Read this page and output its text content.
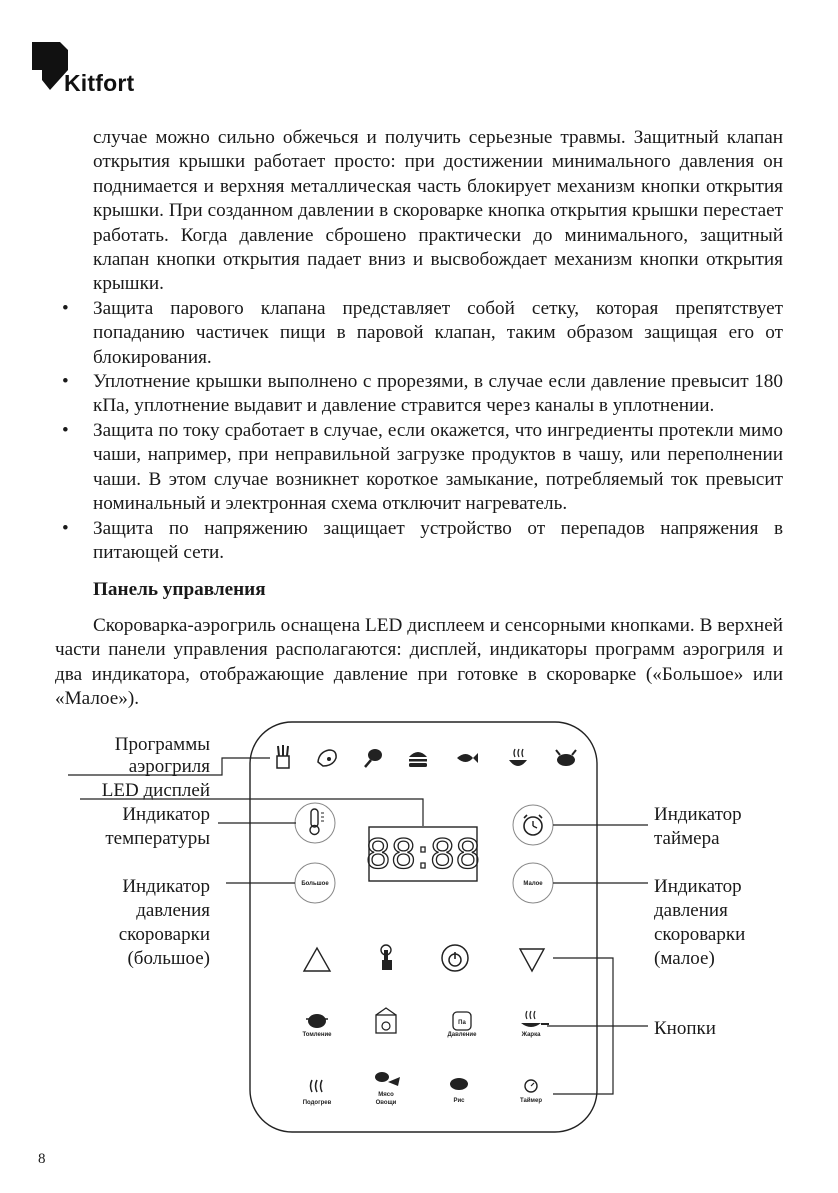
Kitfort

случае можно сильно обжечься и получить серьезные травмы. Защитный клапан открытия крышки работает просто: при достижении минимального давления он поднимается и верхняя металлическая часть блокирует механизм кнопки открытия крышки. При созданном давлении в скороварке кнопка открытия крышки перестает работать. Когда давление сброшено практически до минимального, защитный клапан кнопки открытия падает вниз и высвобождает механизм кнопки открытия крышки.

• Защита парового клапана представляет собой сетку, которая препятствует попаданию частичек пищи в паровой клапан, таким образом защищая его от блокирования.
• Уплотнение крышки выполнено с прорезями, в случае если давление превысит 180 кПа, уплотнение выдавит и давление стравится через каналы в уплотнении.
• Защита по току сработает в случае, если окажется, что ингредиенты протекли мимо чаши, например, при неправильной загрузке продуктов в чашу, или переполнении чаши. В этом случае возникнет короткое замыкание, потребляемый ток превысит номинальный и электронная схема отключит нагреватель.
• Защита по напряжению защищает устройство от перепадов напряжения в питающей сети.

Панель управления

Скороварка-аэрогриль оснащена LED дисплеем и сенсорными кнопками. В верхней части панели управления располагаются: дисплей, индикаторы программ аэрогриля и два индикатора, отображающие давление при готовке в скороварке («Большое» или «Малое»).

88:88
Большое	Малое
Томление
Па
Давление	Жарка
Подогрев
Мясо
Овощи	Рис	Таймер
Программы
аэрогриля
LED дисплей
Индикатор
температуры
Индикатор
давления
скороварки
(большое)
Индикатор
таймера
Индикатор
давления
скороварки
(малое)
Кнопки
8
